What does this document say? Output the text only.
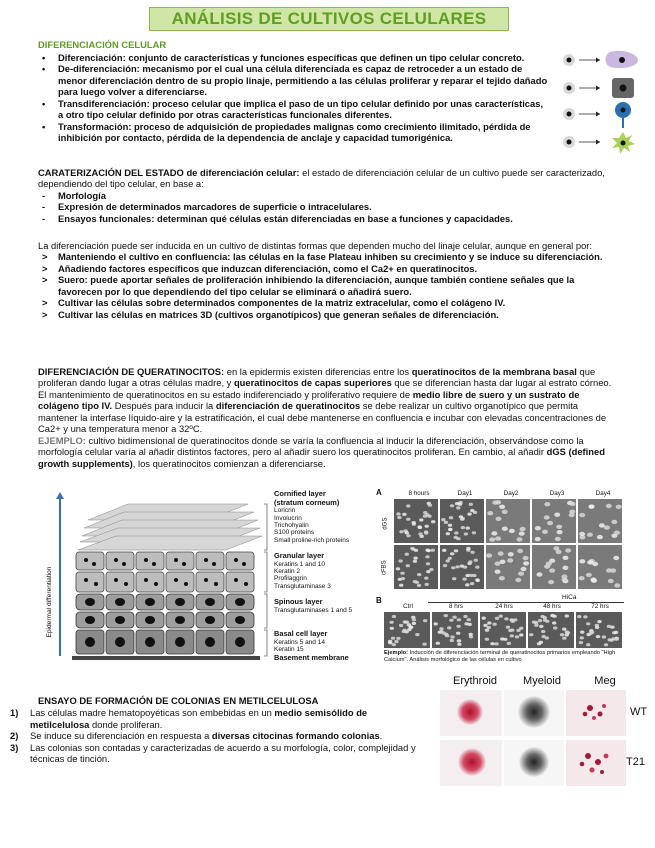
ANÁLISIS DE CULTIVOS CELULARES
DIFERENCIACIÓN CELULAR
• Diferenciación: conjunto de características y funciones específicas que definen un tipo celular concreto.
• De-diferenciación: mecanismo por el cual una célula diferenciada es capaz de retroceder a un estado de menor diferenciación dentro de su propio linaje, permitiendo a las células proliferar y reparar el tejido dañado para luego volver a diferenciarse.
• Transdiferenciación: proceso celular que implica el paso de un tipo celular definido por unas características, a otro tipo celular definido por otras características funcionales diferentes.
• Transformación: proceso de adquisición de propiedades malignas como crecimiento ilimitado, pérdida de inhibición por contacto, pérdida de la dependencia de anclaje y capacidad tumorigénica.

CARATERIZACIÓN DEL ESTADO de diferenciación celular: el estado de diferenciación celular de un cultivo puede ser caracterizado, dependiendo del tipo celular, en base a:

- Morfología
- Expresión de determinados marcadores de superficie o intracelulares.
- Ensayos funcionales: determinan qué células están diferenciadas en base a funciones y capacidades.

La diferenciación puede ser inducida en un cultivo de distintas formas que dependen mucho del linaje celular, aunque en general por:

> Manteniendo el cultivo en confluencia: las células en la fase Plateau inhiben su crecimiento y se induce su diferenciación.
> Añadiendo factores específicos que induzcan diferenciación, como el Ca2+ en queratinocitos.
> Suero: puede aportar señales de proliferación inhibiendo la diferenciación, aunque también contiene señales que la favorecen por lo que dependiendo del tipo celular se eliminará o añadirá suero.
> Cultivar las células sobre determinados componentes de la matriz extracelular, como el colágeno IV.
> Cultivar las células en matrices 3D (cultivos organotípicos) que generan señales de diferenciación.

DIFERENCIACIÓN DE QUERATINOCITOS: en la epidermis existen diferencias entre los queratinocitos de la membrana basal que proliferan dando lugar a otras células madre, y queratinocitos de capas superiores que se diferencian hasta dar lugar al estrato córneo.

El mantenimiento de queratinocitos en su estado indiferenciado y proliferativo requiere de medio libre de suero y un sustrato de colágeno tipo IV. Después para inducir la diferenciación de queratinocitos se debe realizar un cultivo organotípico que permita mantener la interfase líquido-aire y la estratificación, el cual debe mantenerse en confluencia e incubar con elevadas concentraciones de Ca2+ y una temperatura menor a 32ºC.

EJEMPLO: cultivo bidimensional de queratinocitos donde se varía la confluencia al inducir la diferenciación, observándose como la morfología celular varía al añadir distintos factores, pero al añadir suero los queratinocitos proliferan. En cambio, al añadir dGS (defined growth supplements), los queratinocitos comienzan a diferenciarse.

Epidermal differentiation
Cornified layer
(stratum corneum)
Loricrin
Involucrin
Trichohyalin
S100 proteins
Small proline-rich proteins
Granular layer
Keratins 1 and 10
Keratin 2
Profilaggrin
Transglutaminase 3
Spinous layer
Transglutaminases 1 and 5
Basal cell layer
Keratins 5 and 14
Keratin 15
Basement membrane
A	8 hours	Day1	Day2	Day3	Day4
dGS
cFBS
B	HiCa
Ctrl	8 hrs	24 hrs	48 hrs	72 hrs
Ejemplo: Inducción de diferenciación terminal de queratinocitos primarios empleando "High Calcium". Análisis morfológico de las células en cultivo

ENSAYO DE FORMACIÓN DE COLONIAS EN METILCELULOSA

1) Las células madre hematopoyéticas son embebidas en un medio semisólido de metilcelulosa donde proliferan.
2) Se induce su diferenciación en respuesta a diversas citocinas formando colonias.
3) Las colonias son contadas y caracterizadas de acuerdo a su morfología, color, complejidad y técnicas de tinción.
Erythroid	Myeloid	Meg
WT
T21
